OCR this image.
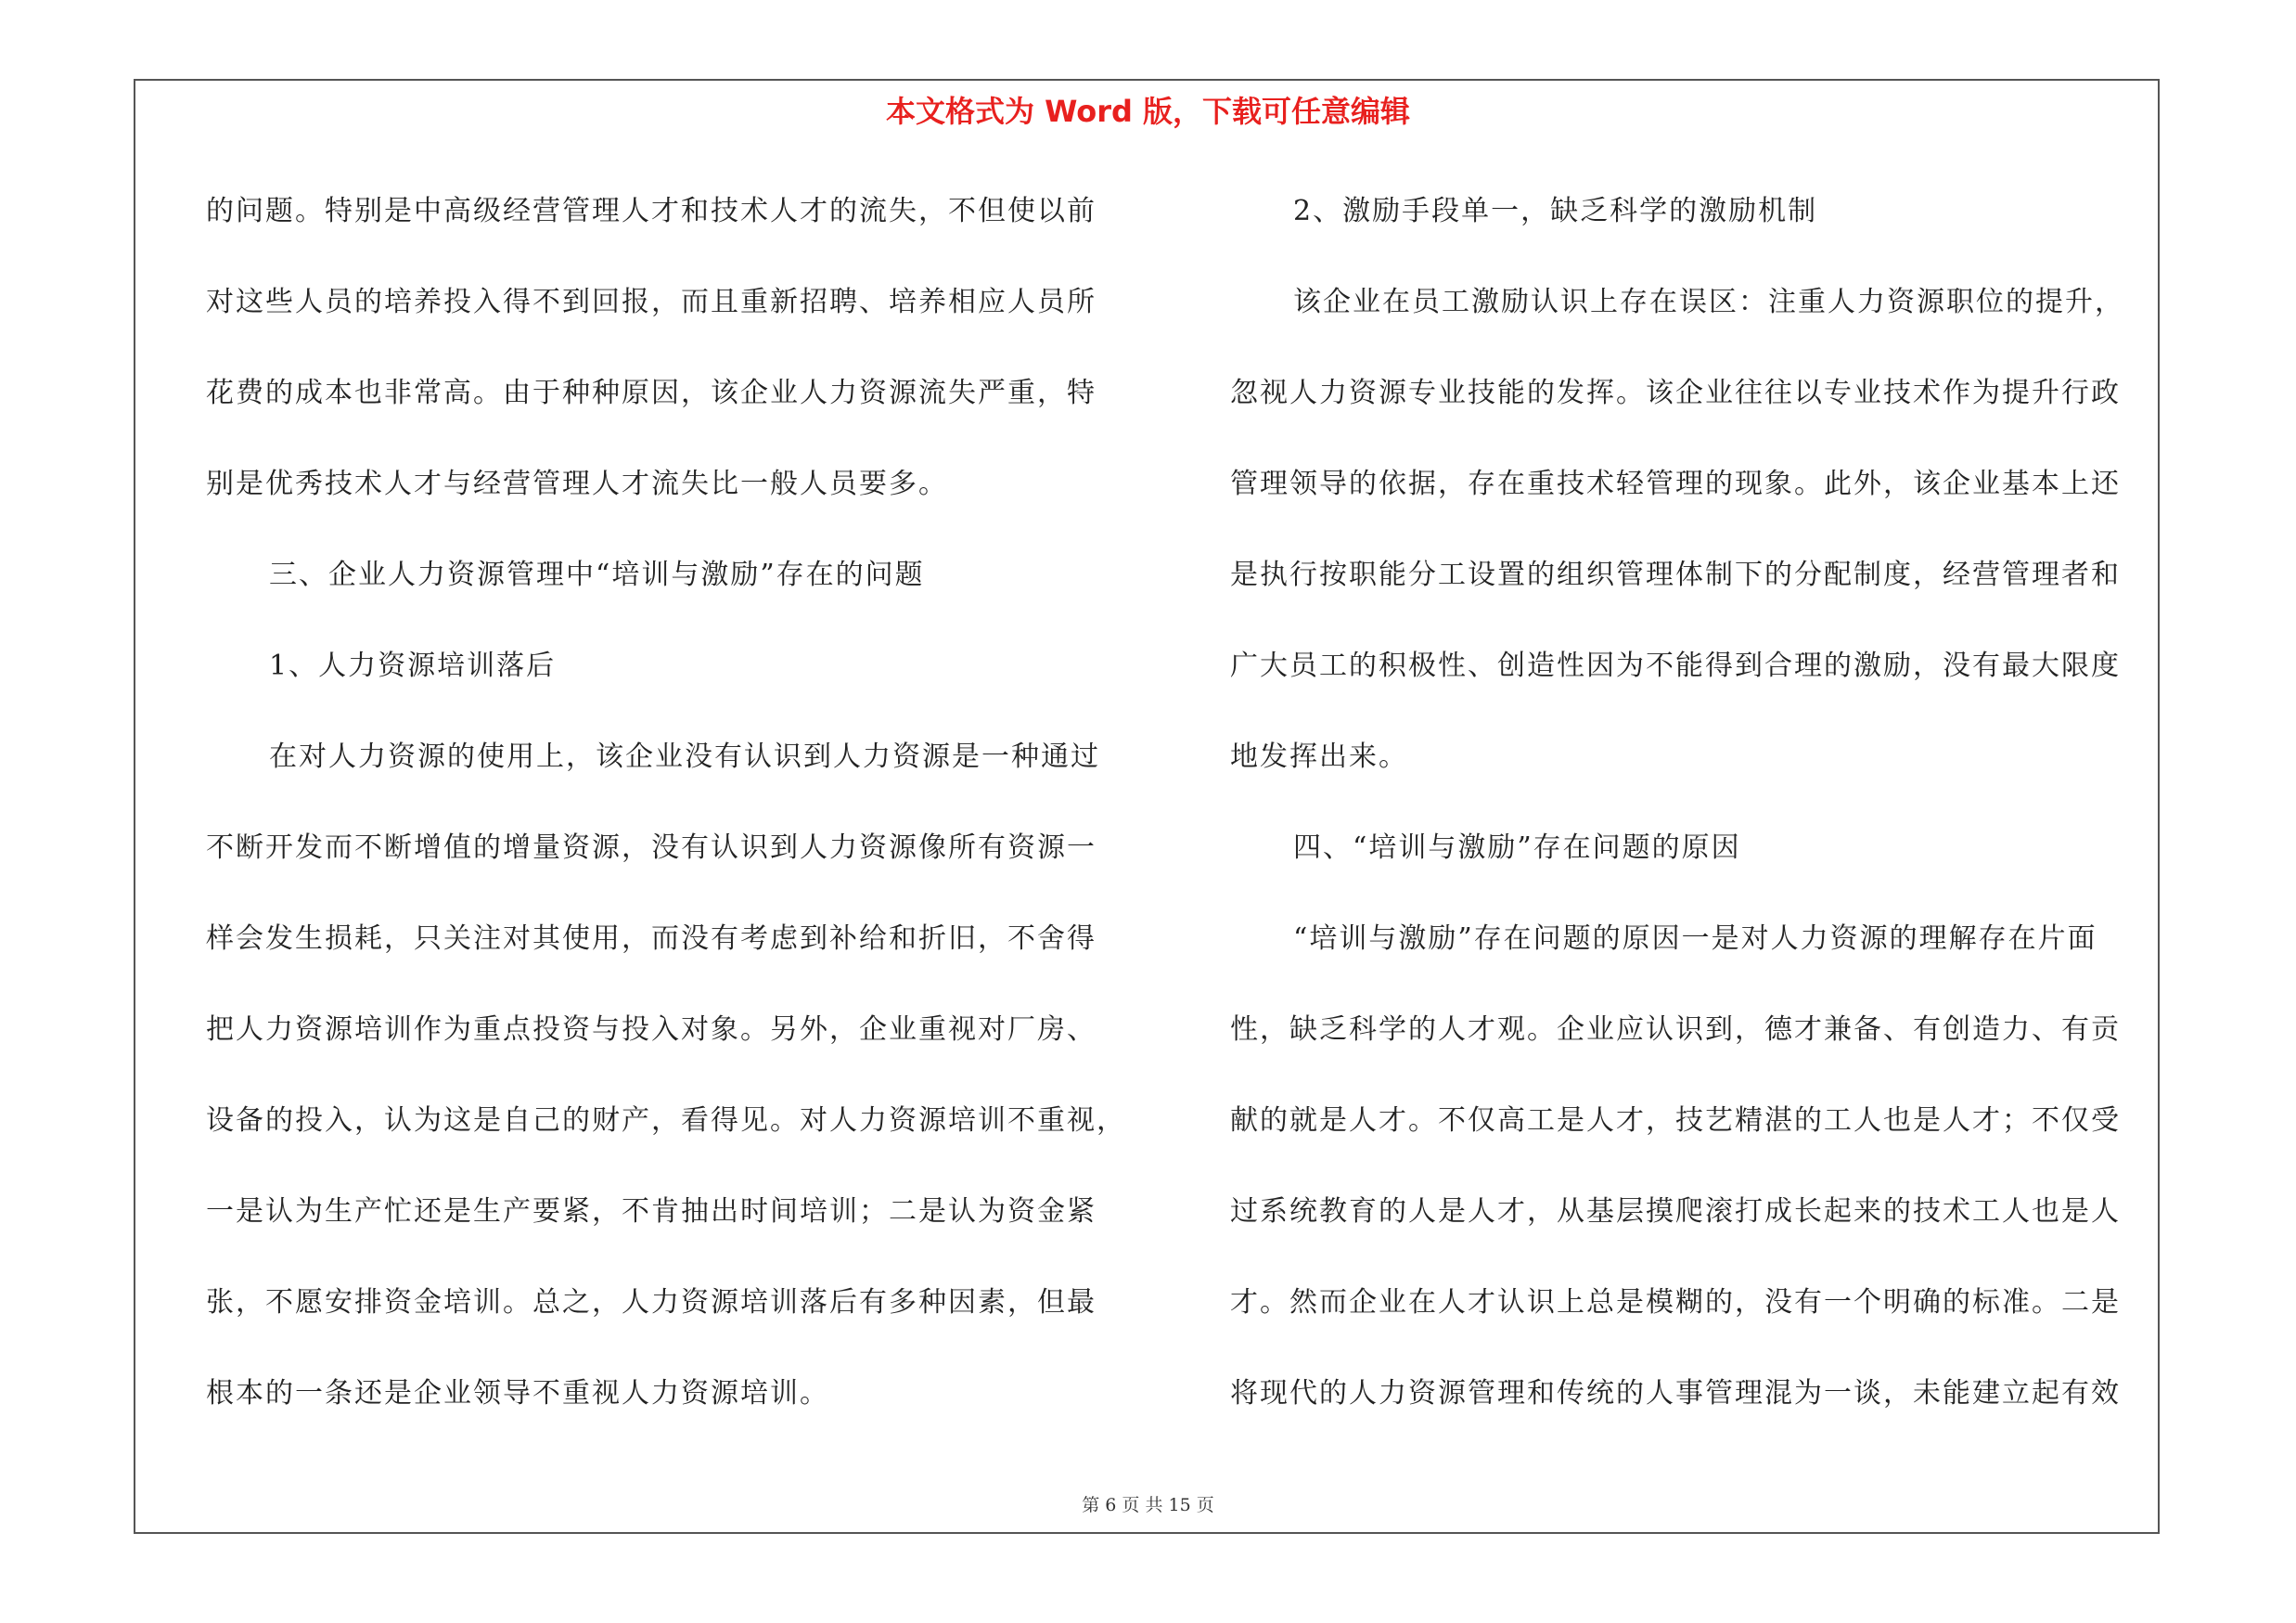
本文格式为 Word 版，下载可任意编辑
的问题。特别是中高级经营管理人才和技术人才的流失，不但使以前
对这些人员的培养投入得不到回报，而且重新招聘、培养相应人员所
花费的成本也非常高。由于种种原因，该企业人力资源流失严重，特
别是优秀技术人才与经营管理人才流失比一般人员要多。
三、企业人力资源管理中“培训与激励”存在的问题
1、人力资源培训落后
在对人力资源的使用上，该企业没有认识到人力资源是一种通过
不断开发而不断增值的增量资源，没有认识到人力资源像所有资源一
样会发生损耗，只关注对其使用，而没有考虑到补给和折旧，不舍得
把人力资源培训作为重点投资与投入对象。另外，企业重视对厂房、
设备的投入，认为这是自己的财产，看得见。对人力资源培训不重视，
一是认为生产忙还是生产要紧，不肯抽出时间培训；二是认为资金紧
张，不愿安排资金培训。总之，人力资源培训落后有多种因素，但最
根本的一条还是企业领导不重视人力资源培训。
2、激励手段单一，缺乏科学的激励机制
该企业在员工激励认识上存在误区：注重人力资源职位的提升，
忽视人力资源专业技能的发挥。该企业往往以专业技术作为提升行政
管理领导的依据，存在重技术轻管理的现象。此外，该企业基本上还
是执行按职能分工设置的组织管理体制下的分配制度，经营管理者和
广大员工的积极性、创造性因为不能得到合理的激励，没有最大限度
地发挥出来。
四、“培训与激励”存在问题的原因
“培训与激励”存在问题的原因一是对人力资源的理解存在片面
性，缺乏科学的人才观。企业应认识到，德才兼备、有创造力、有贡
献的就是人才。不仅高工是人才，技艺精湛的工人也是人才；不仅受
过系统教育的人是人才，从基层摸爬滚打成长起来的技术工人也是人
才。然而企业在人才认识上总是模糊的，没有一个明确的标准。二是
将现代的人力资源管理和传统的人事管理混为一谈，未能建立起有效
第 6 页 共 15 页
